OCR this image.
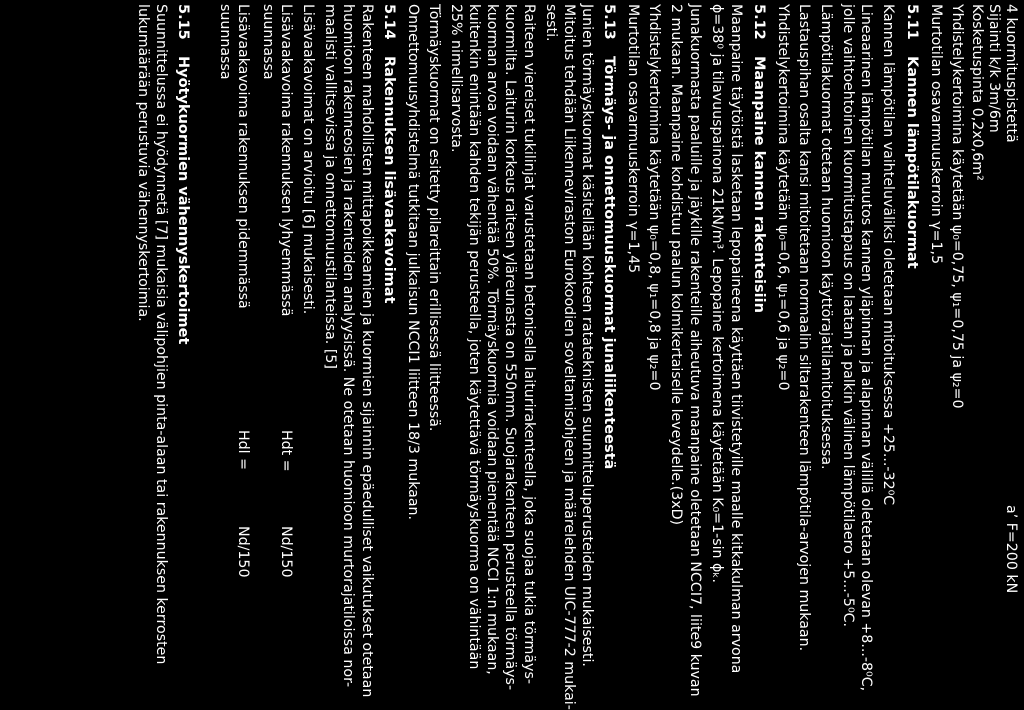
4 kuormituspistettä
a’ F=200 kN
Sijainti k/k 3m/6m
Kosketuspinta 0,2x0,6m²
Yhdistelykertoimina käytetään ψ₀=0,75, ψ₁=0,75 ja ψ₂=0
Murtotilan osavarmuuskerroin γ=1,5
5.11
Kannen lämpötilakuormat
Kannen lämpötilan vaihteluväliksi oletetaan mitoituksessa +25...-32⁰C
Lineaarinen lämpötilan muutos kannen yläpinnan ja alapinnan välillä oletetaan olevan +8...-8⁰C,
jolle vaihtoehtoinen kuormitustapaus on laatan ja palkin välinen lämpötilaero +5...-5⁰C.
Lämpötilakuormat otetaan huomioon käyttörajatilamitoituksessa.
Lastauspihan osalta kansi mitoitetaan normaalin siltarakenteen lämpötila-arvojen mukaan.
Yhdistelykertoimina käytetään ψ₀=0,6, ψ₁=0,6 ja ψ₂=0
5.12
Maanpaine kannen rakenteisiin
Maanpaine täytöistä lasketaan lepopaineena käyttäen tiivistetyille maalle kitkakulman arvona
ϕ=38⁰ ja tilavuuspainona 21kN/m³. Lepopaine kertoimena käytetään K₀=1-sin ϕₖ.
Junakuormasta paaluille ja jäykille rakenteille aiheutuva maanpaine oletetaan NCCI7, liite9 kuvan
2 mukaan. Maanpaine kohdistuu paalun kolmikertaiselle leveydelle.(3xD)
Yhdistelykertoimina käytetään ψ₀=0,8, ψ₁=0,8 ja ψ₂=0
Murtotilan osavarmuuskerroin γ=1,45
5.13
Törmäys- ja onnettomuuskuormat junaliikenteestä
Junien törmäyskuormat käsitellään kohteen ratateknisten suunnitteluperusteiden mukaisesti.
Mitoitus tehdään Liikenneviraston Eurokoodien soveltamisohjeen ja määrelehden UIC-777-2 mukai-
sesti.
Raiteen viereiset tukilinjat varustetaan betonisella laiturirakenteella, joka suojaa tukia törmäys-
kuormilta. Laiturin korkeus raiteen yläreunasta on 550mm. Suojarakenteen perusteella törmäys-
kuorman arvoa voidaan vähentää 50%. Törmäyskuormia voidaan pienentää NCCI 1:n mukaan,
kuitenkin enintään kahden tekijän perusteella, joten käytettävä törmäyskuorma on vähintään
25% nimellisarvosta.
Törmäyskuormat on esitetty pilareittain erillisessä liitteessä.
Onnettomuusyhdistelmä tutkitaan julkaisun NCCI1 liitteen 18/3 mukaan.
5.14
Rakennuksen lisävaakavoimat
Rakenteen mahdollisten mittapoikkeamien ja kuormien sijainnin epäedulliset vaikutukset otetaan
huomioon rakenneosien ja rakenteiden analyysissä. Ne otetaan huomioon murtorajatiloissa nor-
maalisti vallitsevissa ja onnettomuustilanteissa. [5]
Lisävaakavoimat on arvioitu [6] mukaisesti.
Lisävaakavoima rakennuksen lyhyemmässä
Hdt =
Nd/150
suunnassa
Lisävaakavoima rakennuksen pidemmässä
Hdl =
Nd/150
suunnassa
5.15
Hyötykuormien vähennyskertoimet
Suunnittelussa ei hyödynnetä [7] mukaisia välipohjien pinta-alaan tai rakennuksen kerrosten
lukumäärään perustuvia vähennyskertoimia.
